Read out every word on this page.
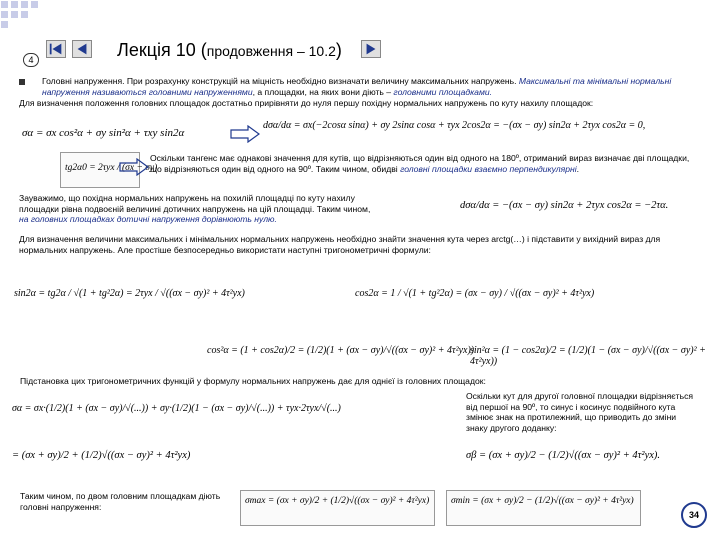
4	Лекція 10 (продовження – 10.2)
Головні напруження. При розрахунку конструкцій на міцність необхідно визначати величину максимальних напружень. Максимальні та мінімальні нормальні напруження називаються головними напруженнями, а площадки, на яких вони діють – головними площадками.
Для визначення положення головних площадок достатньо прирівняти до нуля першу похідну нормальних напружень по куту нахилу площадок:
σα = σx cos²α + σy sin²α + τxy sin2α
dσα/dα = σx(−2cosα sinα) + σy 2sinα cosα + τyx 2cos2α = −(σx − σy) sin2α + 2τyx cos2α = 0,
tg2α0 = 2τyx / (σx − σy)
Оскільки тангенс має однакові значення для кутів, що відрізняються один від одного на 180º, отриманий вираз визначає дві площадки, що відрізняються один від одного на 90º. Таким чином, обидві головні площадки взаємно перпендикулярні.
Зауважимо, що похідна нормальних напружень на похилій площадці по куту нахилу
площадки рівна подвоєній величині дотичних напружень на цій площадці. Таким чином,
на головних площадках дотичні напруження дорівнюють нулю.
dσα/dα = −(σx − σy) sin2α + 2τyx cos2α = −2τα.
Для визначення величини максимальних і мінімальних нормальних напружень необхідно знайти значення кута через arctg(…) і підставити у вихідний вираз для нормальних напружень. Але простіше безпосередньо використати наступні тригонометричні формули:
sin2α = tg2α / √(1 + tg²2α) = 2τyx / √((σx − σy)² + 4τ²yx)	cos2α = 1 / √(1 + tg²2α) = (σx − σy) / √((σx − σy)² + 4τ²yx)
cos²α = (1 + cos2α)/2 = (1/2)(1 + (σx − σy)/√((σx − σy)² + 4τ²yx))
sin²α = (1 − cos2α)/2 = (1/2)(1 − (σx − σy)/√((σx − σy)² + 4τ²yx))
Підстановка цих тригонометричних функцій у формулу нормальних напружень дає для однієї із головних площадок:
σα = σx·(1/2)(1 + (σx − σy)/√(...)) + σy·(1/2)(1 − (σx − σy)/√(...)) + τyx·2τyx/√(...)
= (σx + σy)/2 + (1/2)√((σx − σy)² + 4τ²yx)
Оскільки кут для другої головної площадки відрізняється від першої на 90º, то синус і косинус подвійного кута змінює знак на протилежний, що приводить до зміни знаку другого доданку:
σβ = (σx + σy)/2 − (1/2)√((σx − σy)² + 4τ²yx).
Таким чином, по двом головним площадкам діють головні напруження:
σmax = (σx + σy)/2 + (1/2)√((σx − σy)² + 4τ²yx)	σmin = (σx + σy)/2 − (1/2)√((σx − σy)² + 4τ²yx)
34
